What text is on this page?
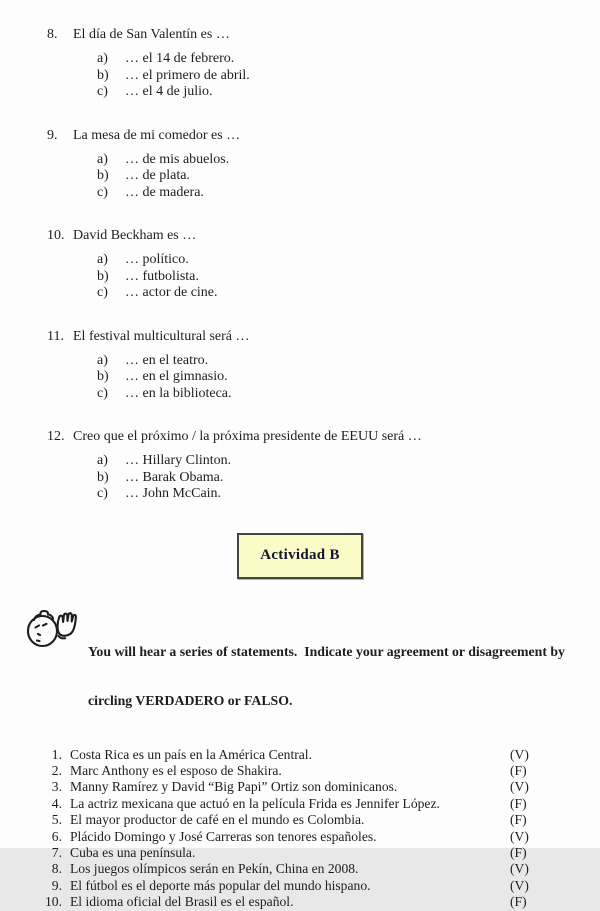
8. El día de San Valentín es …
a) … el 14 de febrero.
b) … el primero de abril.
c) … el 4 de julio.
9. La mesa de mi comedor es …
a) … de mis abuelos.
b) … de plata.
c) … de madera.
10. David Beckham es …
a) … político.
b) … futbolista.
c) … actor de cine.
11. El festival multicultural será …
a) … en el teatro.
b) … en el gimnasio.
c) … en la biblioteca.
12. Creo que el próximo / la próxima presidente de EEUU será …
a) … Hillary Clinton.
b) … Barak Obama.
c) … John McCain.
Actividad B

You will hear a series of statements.  Indicate your agreement or disagreement by

circling VERDADERO or FALSO.

1. Costa Rica es un país en la América Central.	(V)
2. Marc Anthony es el esposo de Shakira.	(F)
3. Manny Ramírez y David “Big Papi” Ortiz son dominicanos.	(V)
4. La actriz mexicana que actuó en la película Frida es Jennifer López.	(F)
5. El mayor productor de café en el mundo es Colombia.	(F)
6. Plácido Domingo y José Carreras son tenores españoles.	(V)
7. Cuba es una península.	(F)
8. Los juegos olímpicos serán en Pekín, China en 2008.	(V)
9. El fútbol es el deporte más popular del mundo hispano.	(V)
10. El idioma oficial del Brasil es el español.	(F)
